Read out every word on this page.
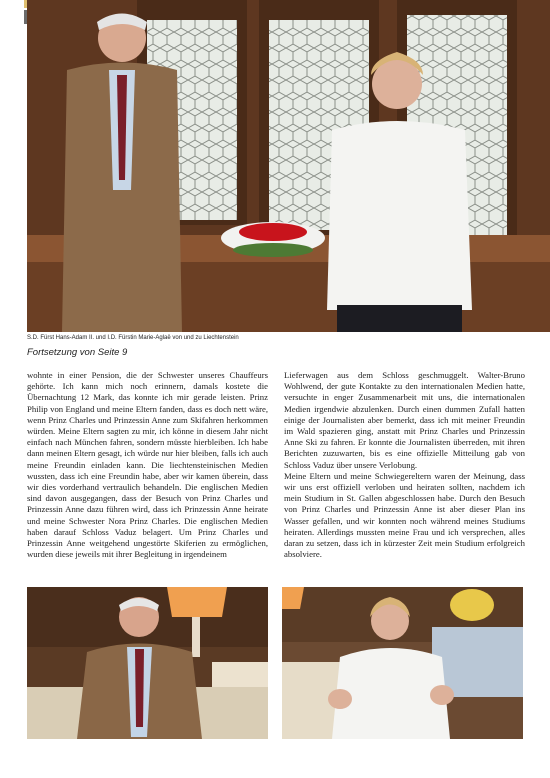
S.D. Fürst Hans-Adam II. und I.D. Fürstin Marie-Aglaë von und zu Liechtenstein
Fortsetzung von Seite 9

wohnte in einer Pension, die der Schwester unseres Chauffeurs gehörte. Ich kann mich noch erinnern, damals kostete die Übernachtung 12 Mark, das konnte ich mir gerade leisten. Prinz Philip von England und meine Eltern fanden, dass es doch nett wäre, wenn Prinz Charles und Prinzessin Anne zum Skifahren herkommen würden. Meine Eltern sagten zu mir, ich könne in diesem Jahr nicht einfach nach München fahren, sondern müsste hierbleiben. Ich habe dann meinen Eltern gesagt, ich würde nur hier bleiben, falls ich auch meine Freundin einladen kann. Die liechtensteinischen Medien wussten, dass ich eine Freundin habe, aber wir kamen überein, dass wir dies vorderhand vertraulich behandeln. Die englischen Medien sind davon ausgegangen, dass der Besuch von Prinz Charles und Prinzessin Anne dazu führen wird, dass ich Prinzessin Anne heirate und meine Schwester Nora Prinz Charles. Die englischen Medien haben darauf Schloss Vaduz belagert. Um Prinz Charles und Prinzessin Anne weitgehend ungestörte Skiferien zu ermöglichen, wurden diese jeweils mit ihrer Begleitung in irgendeinem

Lieferwagen aus dem Schloss geschmuggelt. Walter-Bruno Wohlwend, der gute Kontakte zu den internationalen Medien hatte, versuchte in enger Zusammenarbeit mit uns, die internationalen Medien irgendwie abzulenken. Durch einen dummen Zufall hatten einige der Journalisten aber bemerkt, dass ich mit meiner Freundin im Wald spazieren ging, anstatt mit Prinz Charles und Prinzessin Anne Ski zu fahren. Er konnte die Journalisten überreden, mit ihren Berichten zuzuwarten, bis es eine offizielle Mitteilung gab von Schloss Vaduz über unsere Verlobung.

Meine Eltern und meine Schwiegereltern waren der Meinung, dass wir uns erst offiziell verloben und heiraten sollten, nachdem ich mein Studium in St. Gallen abgeschlossen habe. Durch den Besuch von Prinz Charles und Prinzessin Anne ist aber dieser Plan ins Wasser gefallen, und wir konnten noch während meines Studiums heiraten. Allerdings mussten meine Frau und ich versprechen, alles daran zu setzen, dass ich in kürzester Zeit mein Studium erfolgreich absolviere.
